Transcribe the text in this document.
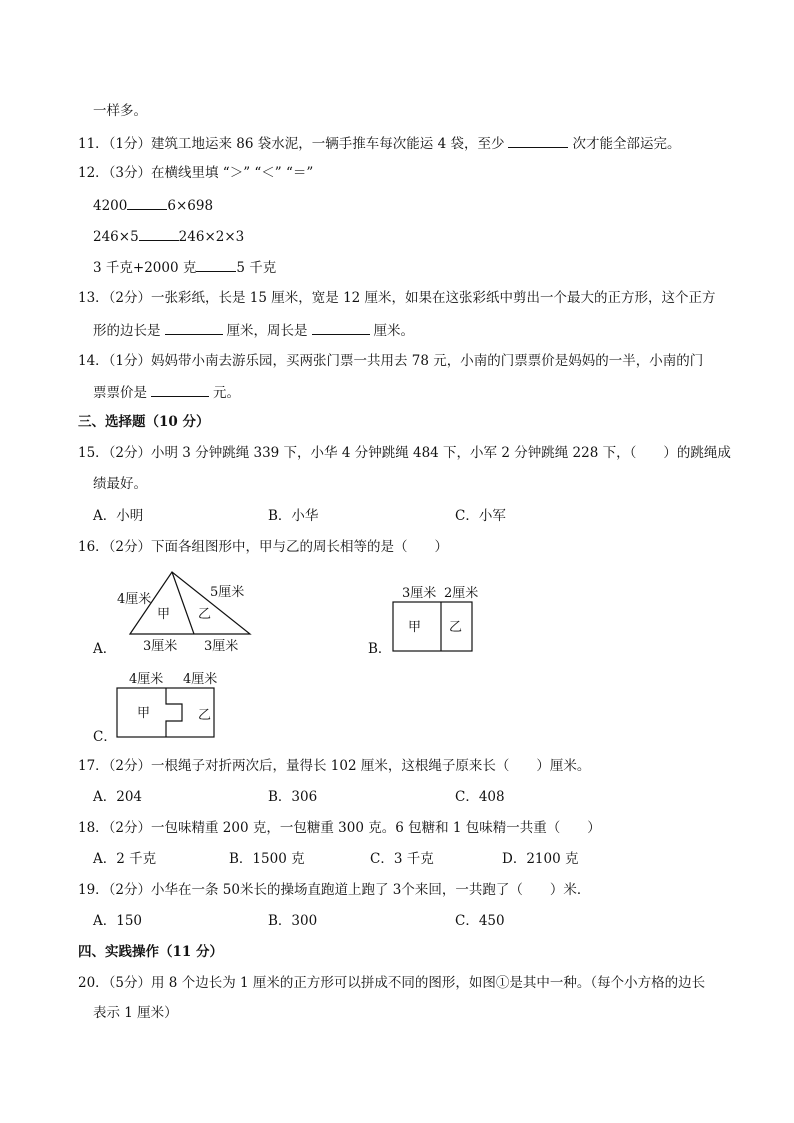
一样多。
11．（1分）建筑工地运来 86 袋水泥，一辆手推车每次能运 4 袋，至少	次才能全部运完。
12．（3分）在横线里填 “＞” “＜” “＝”
4200	6×698
246×5	246×2×3
3 千克+2000 克	5 千克
13．（2分）一张彩纸，长是 15 厘米，宽是 12 厘米，如果在这张彩纸中剪出一个最大的正方形，这个正方
形的边长是	厘米，周长是	厘米。
14．（1分）妈妈带小南去游乐园，买两张门票一共用去 78 元，小南的门票票价是妈妈的一半，小南的门
票票价是	元。
三、选择题（10 分）
15．（2分）小明 3 分钟跳绳 339 下，小华 4 分钟跳绳 484 下，小军 2 分钟跳绳 228 下，（　　）的跳绳成
绩最好。
A．小明	B．小华	C．小军
16．（2分）下面各组图形中，甲与乙的周长相等的是（　　）
A．
4厘米	5厘米
甲 乙
3厘米 3厘米	B．
3厘米 2厘米
甲 乙
C．
4厘米 4厘米
甲	乙
17．（2分）一根绳子对折两次后，量得长 102 厘米，这根绳子原来长（　　）厘米。
A．204	B．306	C．408
18．（2分）一包味精重 200 克，一包糖重 300 克。6 包糖和 1 包味精一共重（　　）
A．2 千克	B．1500 克	C．3 千克	D．2100 克
19．（2分）小华在一条 50米长的操场直跑道上跑了 3个来回，一共跑了（　　）米．
A．150	B．300	C．450
四、实践操作（11 分）
20．（5分）用 8 个边长为 1 厘米的正方形可以拼成不同的图形，如图①是其中一种。（每个小方格的边长
表示 1 厘米）
